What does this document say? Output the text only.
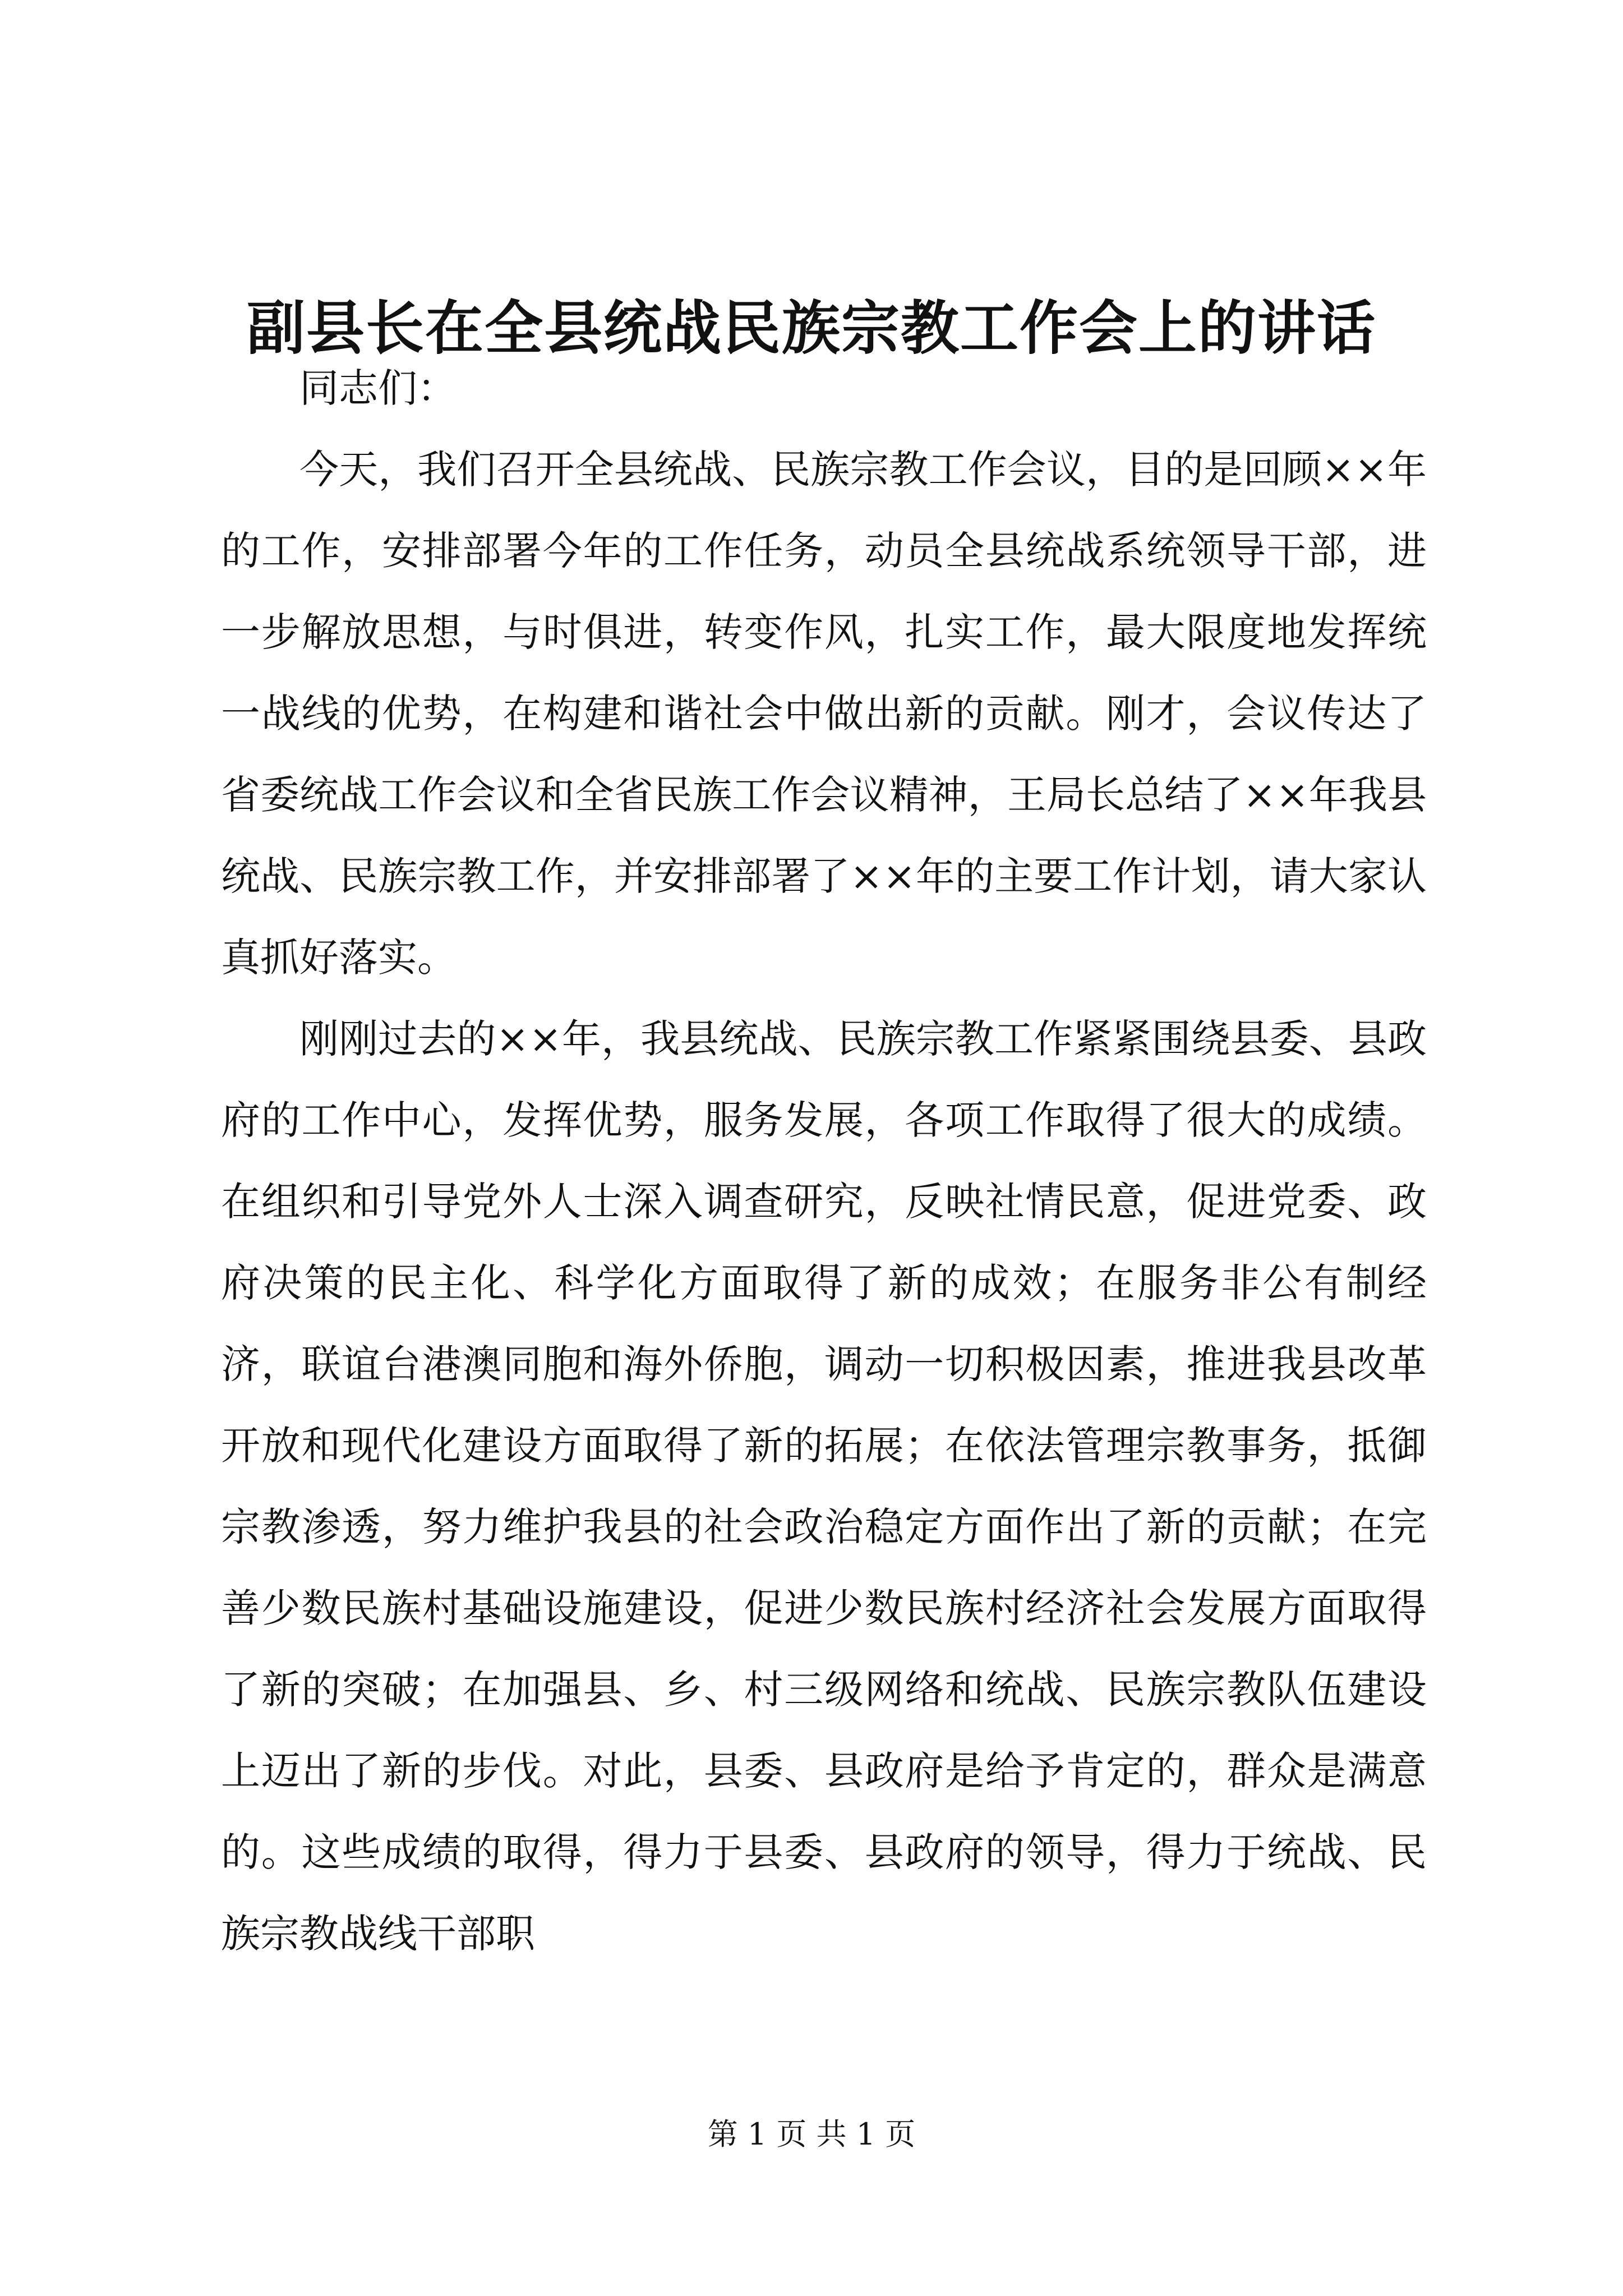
副县长在全县统战民族宗教工作会上的讲话

同志们：

今天，我们召开全县统战、民族宗教工作会议，目的是回顾××年的工作，安排部署今年的工作任务，动员全县统战系统领导干部，进一步解放思想，与时俱进，转变作风，扎实工作，最大限度地发挥统一战线的优势，在构建和谐社会中做出新的贡献。刚才，会议传达了省委统战工作会议和全省民族工作会议精神，王局长总结了××年我县统战、民族宗教工作，并安排部署了××年的主要工作计划，请大家认真抓好落实。

刚刚过去的××年，我县统战、民族宗教工作紧紧围绕县委、县政府的工作中心，发挥优势，服务发展，各项工作取得了很大的成绩。在组织和引导党外人士深入调查研究，反映社情民意，促进党委、政府决策的民主化、科学化方面取得了新的成效；在服务非公有制经济，联谊台港澳同胞和海外侨胞，调动一切积极因素，推进我县改革开放和现代化建设方面取得了新的拓展；在依法管理宗教事务，抵御宗教渗透，努力维护我县的社会政治稳定方面作出了新的贡献；在完善少数民族村基础设施建设，促进少数民族村经济社会发展方面取得了新的突破；在加强县、乡、村三级网络和统战、民族宗教队伍建设上迈出了新的步伐。对此，县委、县政府是给予肯定的，群众是满意的。这些成绩的取得，得力于县委、县政府的领导，得力于统战、民族宗教战线干部职

第 1 页 共 1 页
